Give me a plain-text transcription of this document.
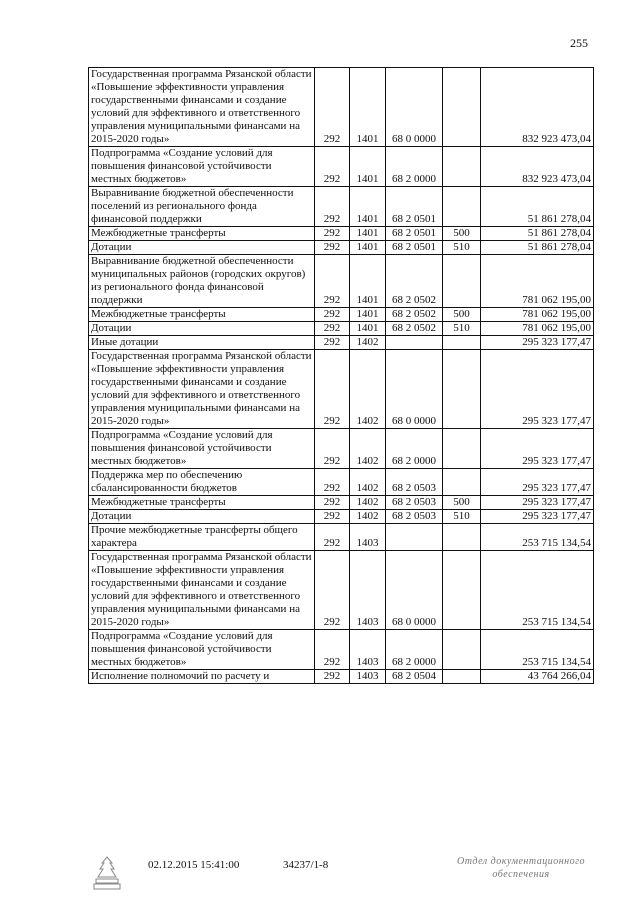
255
Государственная программа Рязанской области «Повышение эффективности управления государственными финансами и создание условий для эффективного и ответственного управления муниципальными финансами на 2015-2020 годы»	292	1401	68 0 0000		832 923 473,04
Подпрограмма «Создание условий для повышения финансовой устойчивости местных бюджетов»	292	1401	68 2 0000		832 923 473,04
Выравнивание бюджетной обеспеченности поселений из регионального фонда финансовой поддержки	292	1401	68 2 0501		51 861 278,04
Межбюджетные трансферты	292	1401	68 2 0501	500	51 861 278,04
Дотации	292	1401	68 2 0501	510	51 861 278,04
Выравнивание бюджетной обеспеченности муниципальных районов (городских округов) из регионального фонда финансовой поддержки	292	1401	68 2 0502		781 062 195,00
Межбюджетные трансферты	292	1401	68 2 0502	500	781 062 195,00
Дотации	292	1401	68 2 0502	510	781 062 195,00
Иные дотации	292	1402			295 323 177,47
Государственная программа Рязанской области «Повышение эффективности управления государственными финансами и создание условий для эффективного и ответственного управления муниципальными финансами на 2015-2020 годы»	292	1402	68 0 0000		295 323 177,47
Подпрограмма «Создание условий для повышения финансовой устойчивости местных бюджетов»	292	1402	68 2 0000		295 323 177,47
Поддержка мер по обеспечению сбалансированности бюджетов	292	1402	68 2 0503		295 323 177,47
Межбюджетные трансферты	292	1402	68 2 0503	500	295 323 177,47
Дотации	292	1402	68 2 0503	510	295 323 177,47
Прочие межбюджетные трансферты общего характера	292	1403			253 715 134,54
Государственная программа Рязанской области «Повышение эффективности управления государственными финансами и создание условий для эффективного и ответственного управления муниципальными финансами на 2015-2020 годы»	292	1403	68 0 0000		253 715 134,54
Подпрограмма «Создание условий для повышения финансовой устойчивости местных бюджетов»	292	1403	68 2 0000		253 715 134,54
Исполнение полномочий по расчету и	292	1403	68 2 0504		43 764 266,04
02.12.2015 15:41:00	34237/1-8	Отдел документационного обеспечения
